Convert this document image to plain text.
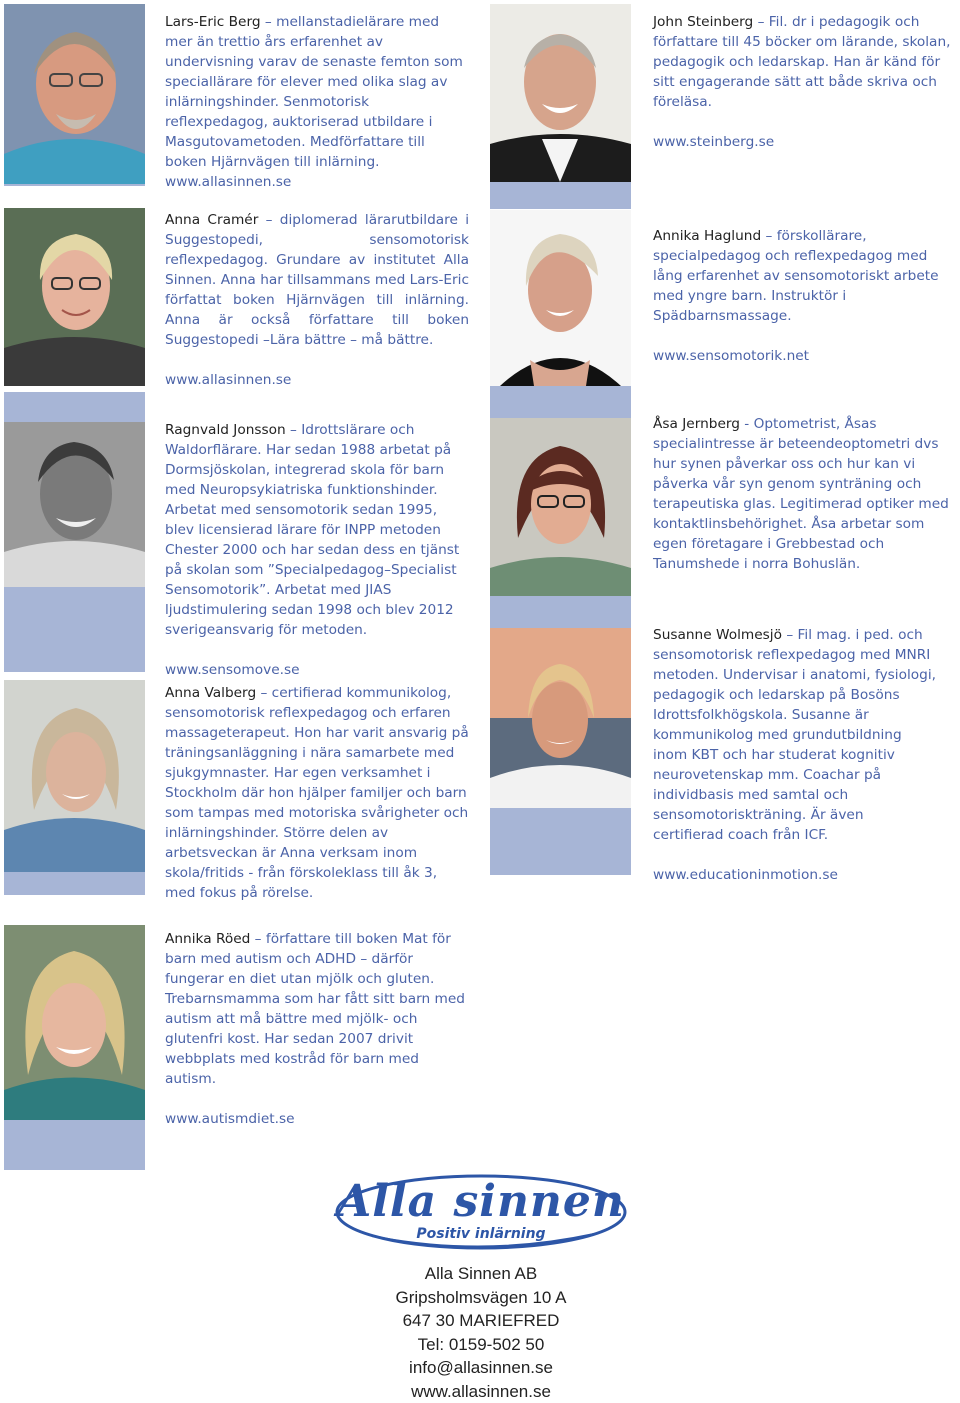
Lars-Eric Berg – mellanstadielärare med mer än trettio års erfarenhet av undervisning varav de senaste femton som speciallärare för elever med olika slag av inlärningshinder. Senmotorisk reflexpedagog, auktoriserad utbildare i Masgutovametoden. Medförfattare till boken Hjärnvägen till inlärning.

www.allasinnen.se

John Steinberg – Fil. dr i pedagogik och författare till 45 böcker om lärande, skolan, pedagogik och ledarskap. Han är känd för sitt engagerande sätt att både skriva och föreläsa.

www.steinberg.se

Anna Cramér – diplomerad lärarutbildare i Suggestopedi, sensomotorisk reflexpedagog. Grundare av institutet Alla Sinnen. Anna har tillsammans med Lars-Eric författat boken Hjärnvägen till inlärning. Anna är också författare till boken Suggestopedi –Lära bättre – må bättre.

www.allasinnen.se

Annika Haglund – förskollärare, specialpedagog och reflexpedagog med lång erfarenhet av sensomotoriskt arbete med yngre barn. Instruktör i Spädbarnsmassage.

www.sensomotorik.net

Ragnvald Jonsson – Idrottslärare och Waldorflärare. Har sedan 1988 arbetat på Dormsjöskolan, integrerad skola för barn med Neuropsykiatriska funktionshinder. Arbetat med sensomotorik sedan 1995, blev licensierad lärare för INPP metoden Chester 2000 och har sedan dess en tjänst på skolan som ”Specialpedagog–Specialist Sensomotorik”. Arbetat med JIAS ljudstimulering sedan 1998 och blev 2012 sverigeansvarig för metoden.

www.sensomove.se

Åsa Jernberg - Optometrist, Åsas specialintresse är beteendeoptometri dvs hur synen påverkar oss och hur kan vi påverka vår syn genom synträning och terapeutiska glas. Legitimerad optiker med kontaktlinsbehörighet. Åsa arbetar som egen företagare i Grebbestad och Tanumshede i norra Bohuslän.

Anna Valberg – certifierad kommunikolog, sensomotorisk reflexpedagog och erfaren massageterapeut. Hon har varit ansvarig på träningsanläggning i nära samarbete med sjukgymnaster. Har egen verksamhet i Stockholm där hon hjälper familjer och barn som tampas med motoriska svårigheter och inlärningshinder. Större delen av arbetsveckan är Anna verksam inom skola/fritids - från förskoleklass till åk 3, med fokus på rörelse.

Susanne Wolmesjö – Fil mag. i ped. och sensomotorisk reflexpedagog med MNRI metoden. Undervisar i anatomi, fysiologi, pedagogik och ledarskap på Bosöns Idrottsfolkhögskola. Susanne är kommunikolog med grundutbildning inom KBT och har studerat kognitiv neurovetenskap mm. Coachar på individbasis med samtal och sensomotoriskträning. Är även certifierad coach från ICF.

www.educationinmotion.se

Annika Röed – författare till boken Mat för barn med autism och ADHD – därför fungerar en diet utan mjölk och gluten. Trebarnsmamma som har fått sitt barn med autism att må bättre med mjölk- och glutenfri kost. Har sedan 2007 drivit webbplats med kostråd för barn med autism.

www.autismdiet.se

Alla sinnen
Positiv inlärning
Alla Sinnen AB
Gripsholmsvägen 10 A
647 30 MARIEFRED
Tel: 0159-502 50
info@allasinnen.se
www.allasinnen.se
